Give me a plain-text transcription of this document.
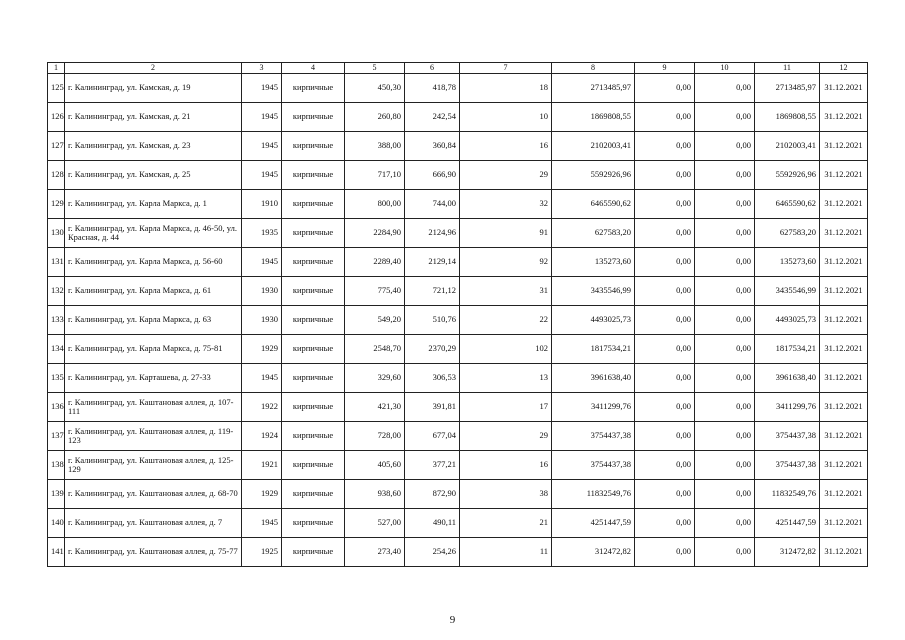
1	2	3	4	5	6	7	8	9	10	11	12
125	г. Калининград, ул. Камская, д. 19	1945	кирпичные	450,30	418,78	18	2713485,97	0,00	0,00	2713485,97	31.12.2021
126	г. Калининград, ул. Камская, д. 21	1945	кирпичные	260,80	242,54	10	1869808,55	0,00	0,00	1869808,55	31.12.2021
127	г. Калининград, ул. Камская, д. 23	1945	кирпичные	388,00	360,84	16	2102003,41	0,00	0,00	2102003,41	31.12.2021
128	г. Калининград, ул. Камская, д. 25	1945	кирпичные	717,10	666,90	29	5592926,96	0,00	0,00	5592926,96	31.12.2021
129	г. Калининград, ул. Карла Маркса, д. 1	1910	кирпичные	800,00	744,00	32	6465590,62	0,00	0,00	6465590,62	31.12.2021
130	г. Калининград, ул. Карла Маркса, д. 46-50, ул. Красная, д. 44	1935	кирпичные	2284,90	2124,96	91	627583,20	0,00	0,00	627583,20	31.12.2021
131	г. Калининград, ул. Карла Маркса, д. 56-60	1945	кирпичные	2289,40	2129,14	92	135273,60	0,00	0,00	135273,60	31.12.2021
132	г. Калининград, ул. Карла Маркса, д. 61	1930	кирпичные	775,40	721,12	31	3435546,99	0,00	0,00	3435546,99	31.12.2021
133	г. Калининград, ул. Карла Маркса, д. 63	1930	кирпичные	549,20	510,76	22	4493025,73	0,00	0,00	4493025,73	31.12.2021
134	г. Калининград, ул. Карла Маркса, д. 75-81	1929	кирпичные	2548,70	2370,29	102	1817534,21	0,00	0,00	1817534,21	31.12.2021
135	г. Калининград, ул. Карташева, д. 27-33	1945	кирпичные	329,60	306,53	13	3961638,40	0,00	0,00	3961638,40	31.12.2021
136	г. Калининград, ул. Каштановая аллея, д. 107-111	1922	кирпичные	421,30	391,81	17	3411299,76	0,00	0,00	3411299,76	31.12.2021
137	г. Калининград, ул. Каштановая аллея, д. 119-123	1924	кирпичные	728,00	677,04	29	3754437,38	0,00	0,00	3754437,38	31.12.2021
138	г. Калининград, ул. Каштановая аллея, д. 125-129	1921	кирпичные	405,60	377,21	16	3754437,38	0,00	0,00	3754437,38	31.12.2021
139	г. Калининград, ул. Каштановая аллея, д. 68-70	1929	кирпичные	938,60	872,90	38	11832549,76	0,00	0,00	11832549,76	31.12.2021
140	г. Калининград, ул. Каштановая аллея, д. 7	1945	кирпичные	527,00	490,11	21	4251447,59	0,00	0,00	4251447,59	31.12.2021
141	г. Калининград, ул. Каштановая аллея, д. 75-77	1925	кирпичные	273,40	254,26	11	312472,82	0,00	0,00	312472,82	31.12.2021
9
